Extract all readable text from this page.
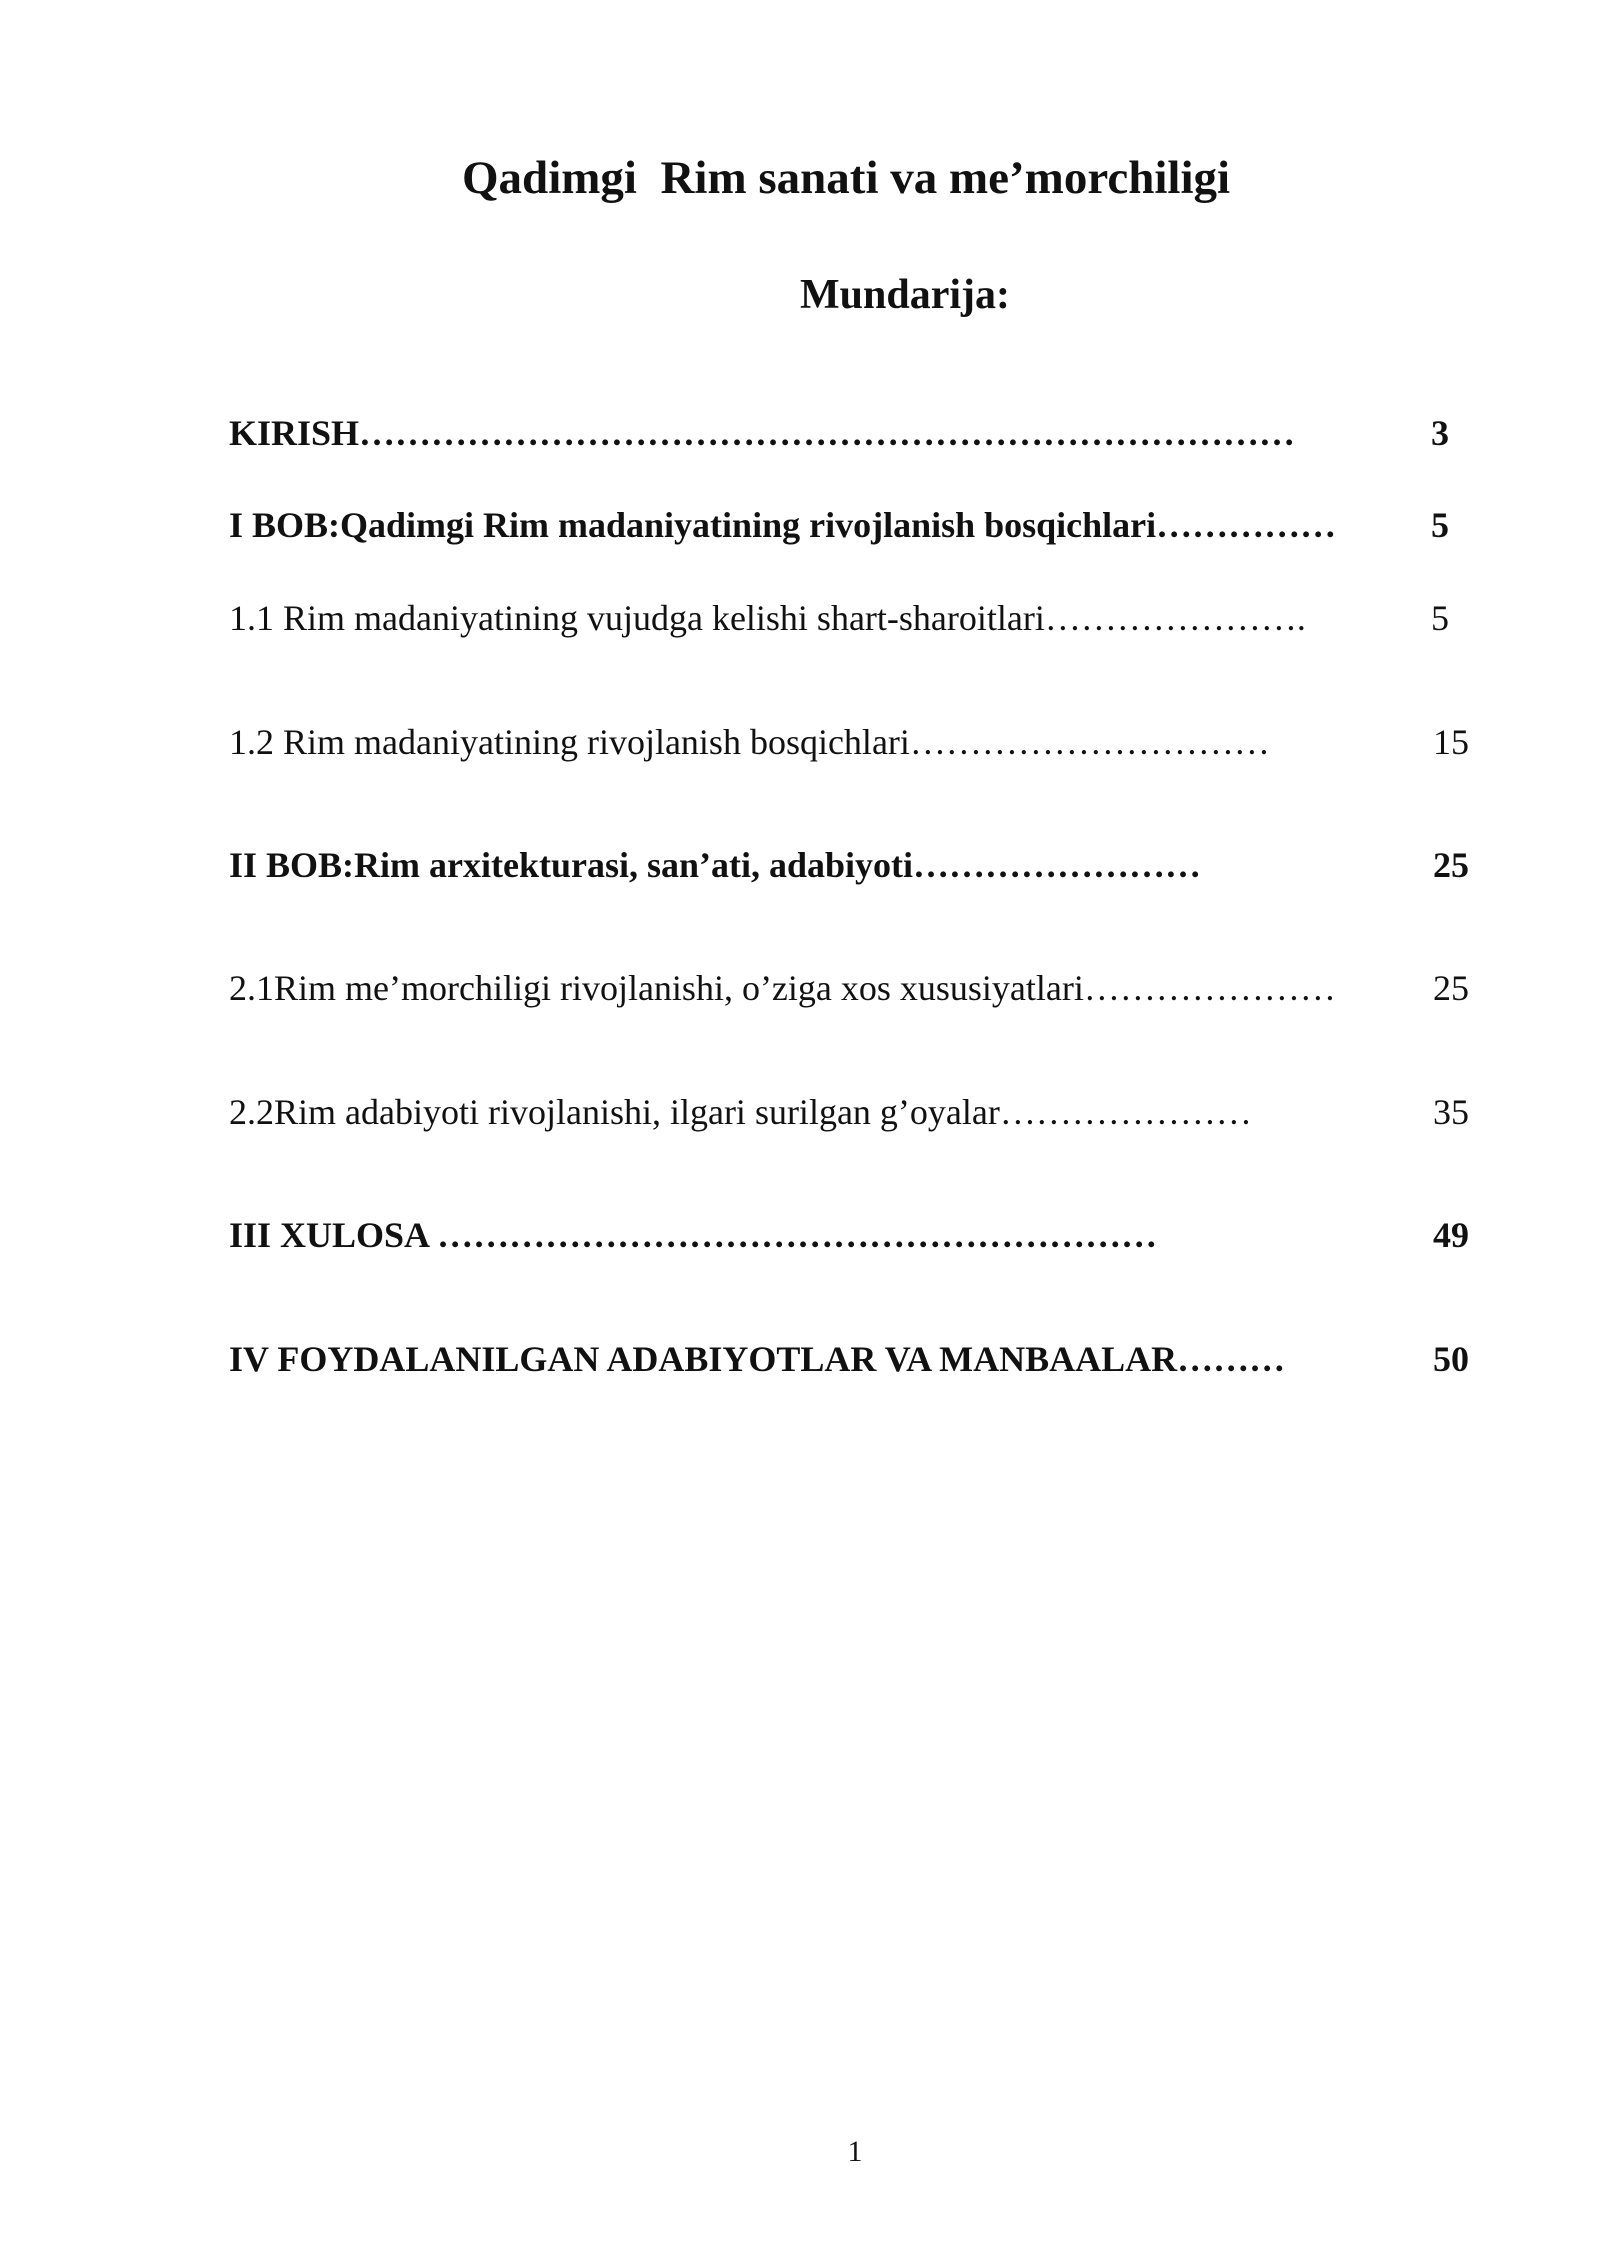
Qadimgi  Rim sanati va me’morchiligi
Mundarija:
KIRISH……………………………………………………………………	3
I BOB:Qadimgi Rim madaniyatining rivojlanish bosqichlari……………	5
1.1 Rim madaniyatining vujudga kelishi shart-sharoitlari………………….	5
1.2 Rim madaniyatining rivojlanish bosqichlari…………………………	15
II BOB:Rim arxitekturasi, san’ati, adabiyoti……………………	25
2.1Rim me’morchiligi rivojlanishi, o’ziga xos xususiyatlari…………………	25
2.2Rim adabiyoti rivojlanishi, ilgari surilgan g’oyalar…………………	35
III XULOSA ……………………………………………………	49
IV FOYDALANILGAN ADABIYOTLAR VA MANBAALAR………	50
1
